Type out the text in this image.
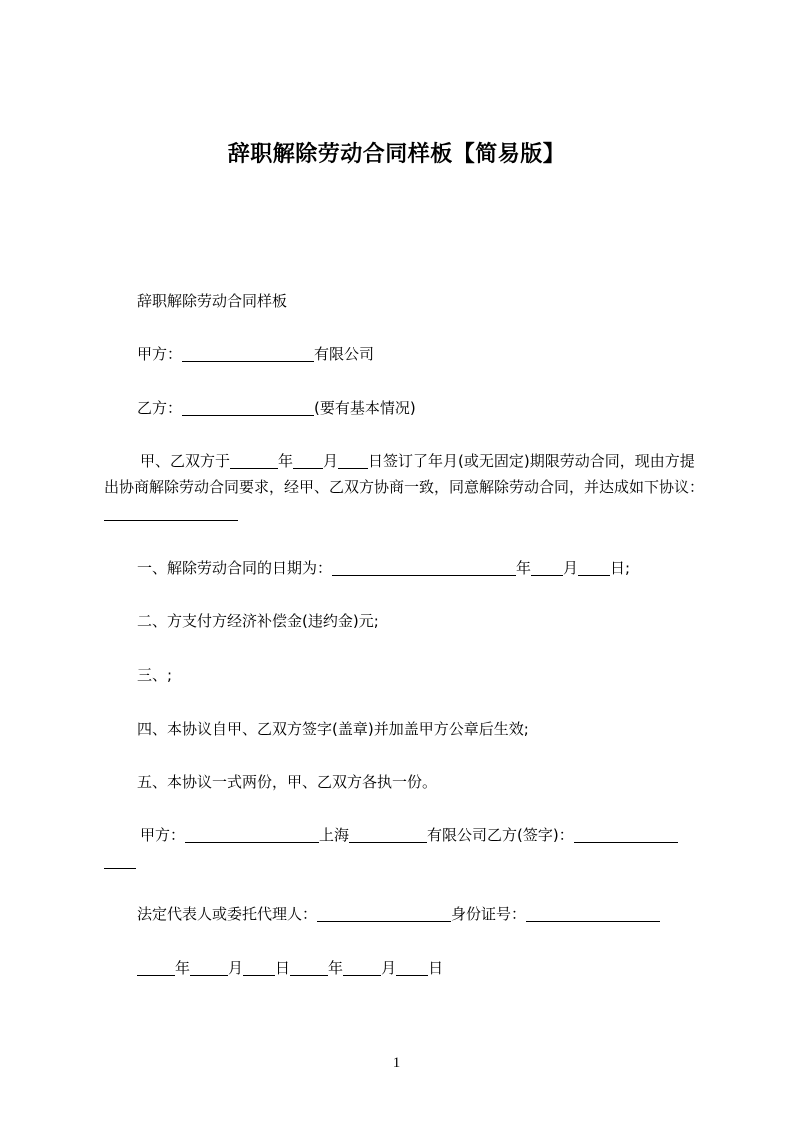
辞职解除劳动合同样板【简易版】
辞职解除劳动合同样板
甲方：	有限公司
乙方：	(要有基本情况)
甲、乙双方于	年 月 日签订了年月(或无固定)期限劳动合同，现由方提出协商解除劳动合同要求，经甲、乙双方协商一致，同意解除劳动合同，并达成如下协议：
一、解除劳动合同的日期为：	年 月 日;
二、方支付方经济补偿金(违约金)元;
三、;
四、本协议自甲、乙双方签字(盖章)并加盖甲方公章后生效;
五、本协议一式两份，甲、乙双方各执一份。
甲方：	上海	有限公司乙方(签字)：
法定代表人或委托代理人：	身份证号：
年	月 日	年	月 日
1
